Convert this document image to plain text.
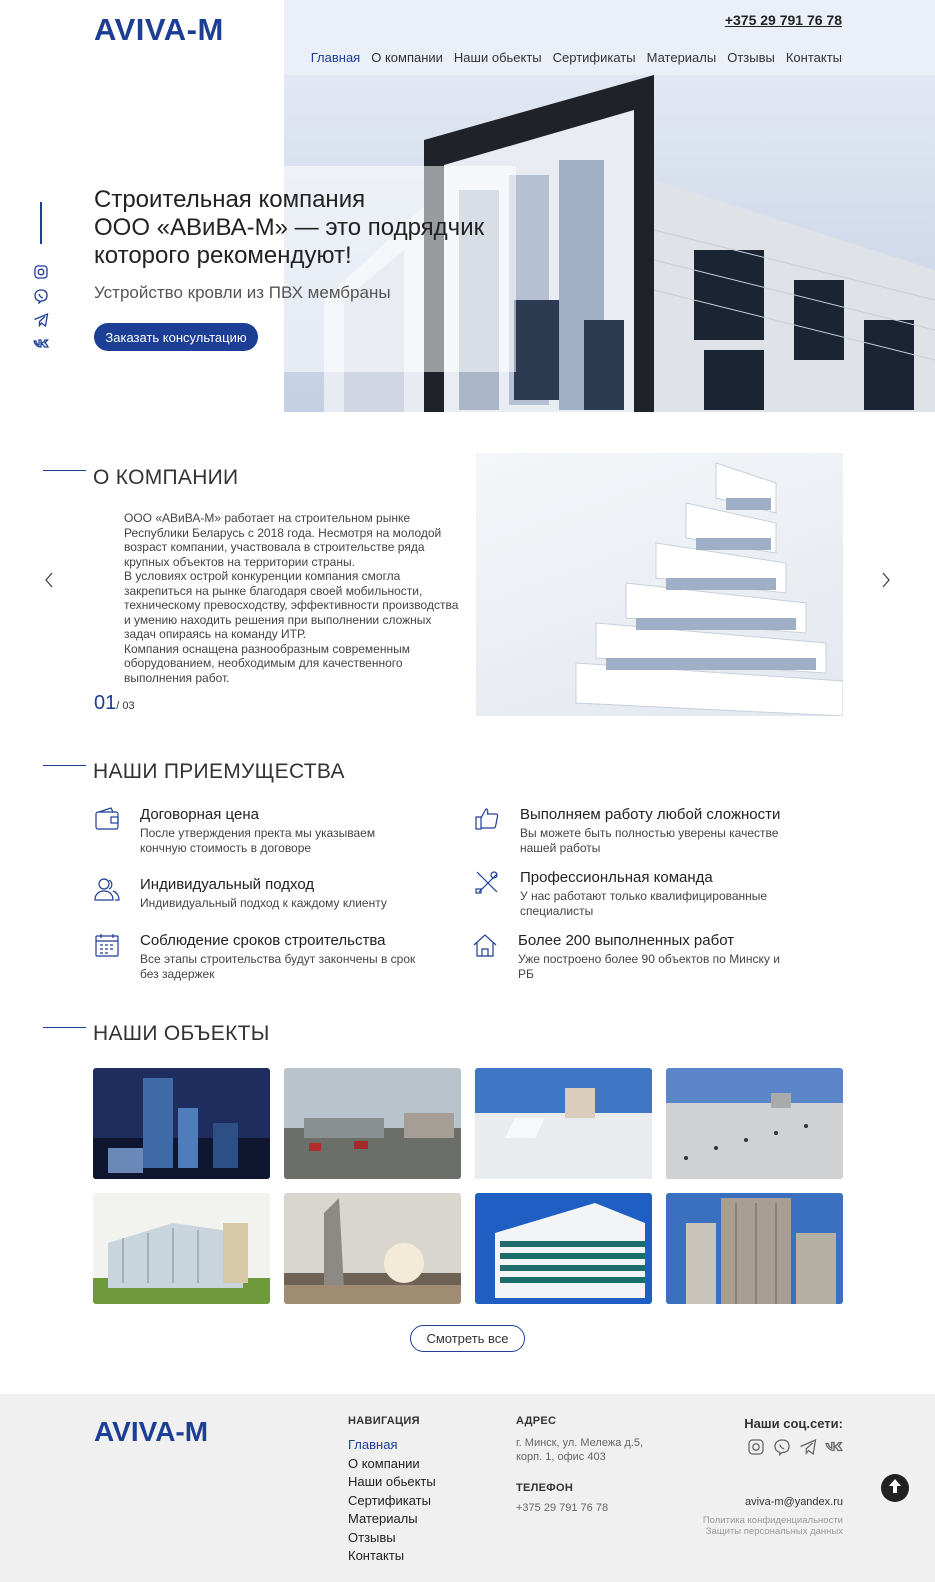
AVIVA-M	+375 29 791 76 78
Главная О компании Наши обьекты Сертификаты Материалы Отзывы Контакты
Строительная компания
ООО «АВиВА-М» — это подрядчик
которого рекомендуют!
Устройство кровли из ПВХ мембраны
Заказать консультацию
О КОМПАНИИ
ООО «АВиВА-М» работает на строительном рынке Республики Беларусь с 2018 года. Несмотря на молодой возраст компании, участвовала в строительстве ряда крупных объектов на территории страны.
В условиях острой конкуренции компания смогла закрепиться на рынке благодаря своей мобильности, техническому превосходству, эффективности производства и умению находить решения при выполнении сложных задач опираясь на команду ИТР.
Компания оснащена разнообразным современным оборудованием, необходимым для качественного выполнения работ.
01/ 03
НАШИ ПРИЕМУЩЕСТВА
Договорная цена
После утверждения пректа мы указываем кончную стоимость в договоре
Выполняем работу любой сложности
Вы можете быть полностью уверены качестве нашей работы
Индивидуальный подход
Индивидуальный подход к каждому клиенту
Профессионльная команда
У нас работают только квалифицированные специалисты
Соблюдение сроков строительства
Все этапы строительства будут закончены в срок без задержек
Более 200 выполненных работ
Уже построено более 90 объектов по Минску и РБ
НАШИ ОБЪЕКТЫ
Смотреть все
AVIVA-M	НАВИГАЦИЯ
Главная
О компании
Наши обьекты
Сертификаты
Материалы
Отзывы
Контакты
АДРЕС
г. Минск, ул. Мележа д.5,
корп. 1, офис 403
ТЕЛЕФОН
+375 29 791 76 78
Наши соц.сети:
aviva-m@yandex.ru
Политика конфиденциальности
Защиты персональных данных
